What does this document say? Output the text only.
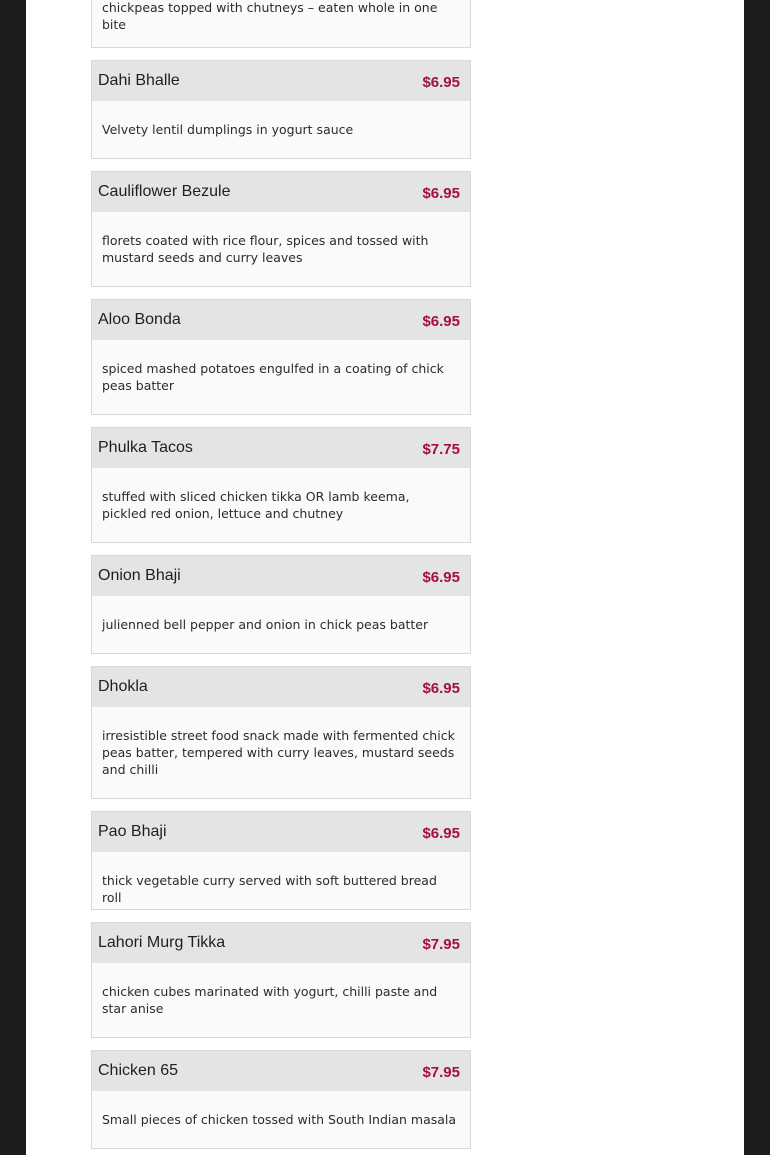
chickpeas topped with chutneys – eaten whole in one bite
Dahi Bhalle	$6.95
Velvety lentil dumplings in yogurt sauce
Cauliflower Bezule	$6.95
florets coated with rice flour, spices and tossed with mustard seeds and curry leaves
Aloo Bonda	$6.95
spiced mashed potatoes engulfed in a coating of chick peas batter
Phulka Tacos	$7.75
stuffed with sliced chicken tikka OR lamb keema, pickled red onion, lettuce and chutney
Onion Bhaji	$6.95
julienned bell pepper and onion in chick peas batter
Dhokla	$6.95
irresistible street food snack made with fermented chick peas batter, tempered with curry leaves, mustard seeds and chilli
Pao Bhaji	$6.95
thick vegetable curry served with soft buttered bread roll
Lahori Murg Tikka	$7.95
chicken cubes marinated with yogurt, chilli paste and star anise
Chicken 65	$7.95
Small pieces of chicken tossed with South Indian masala
